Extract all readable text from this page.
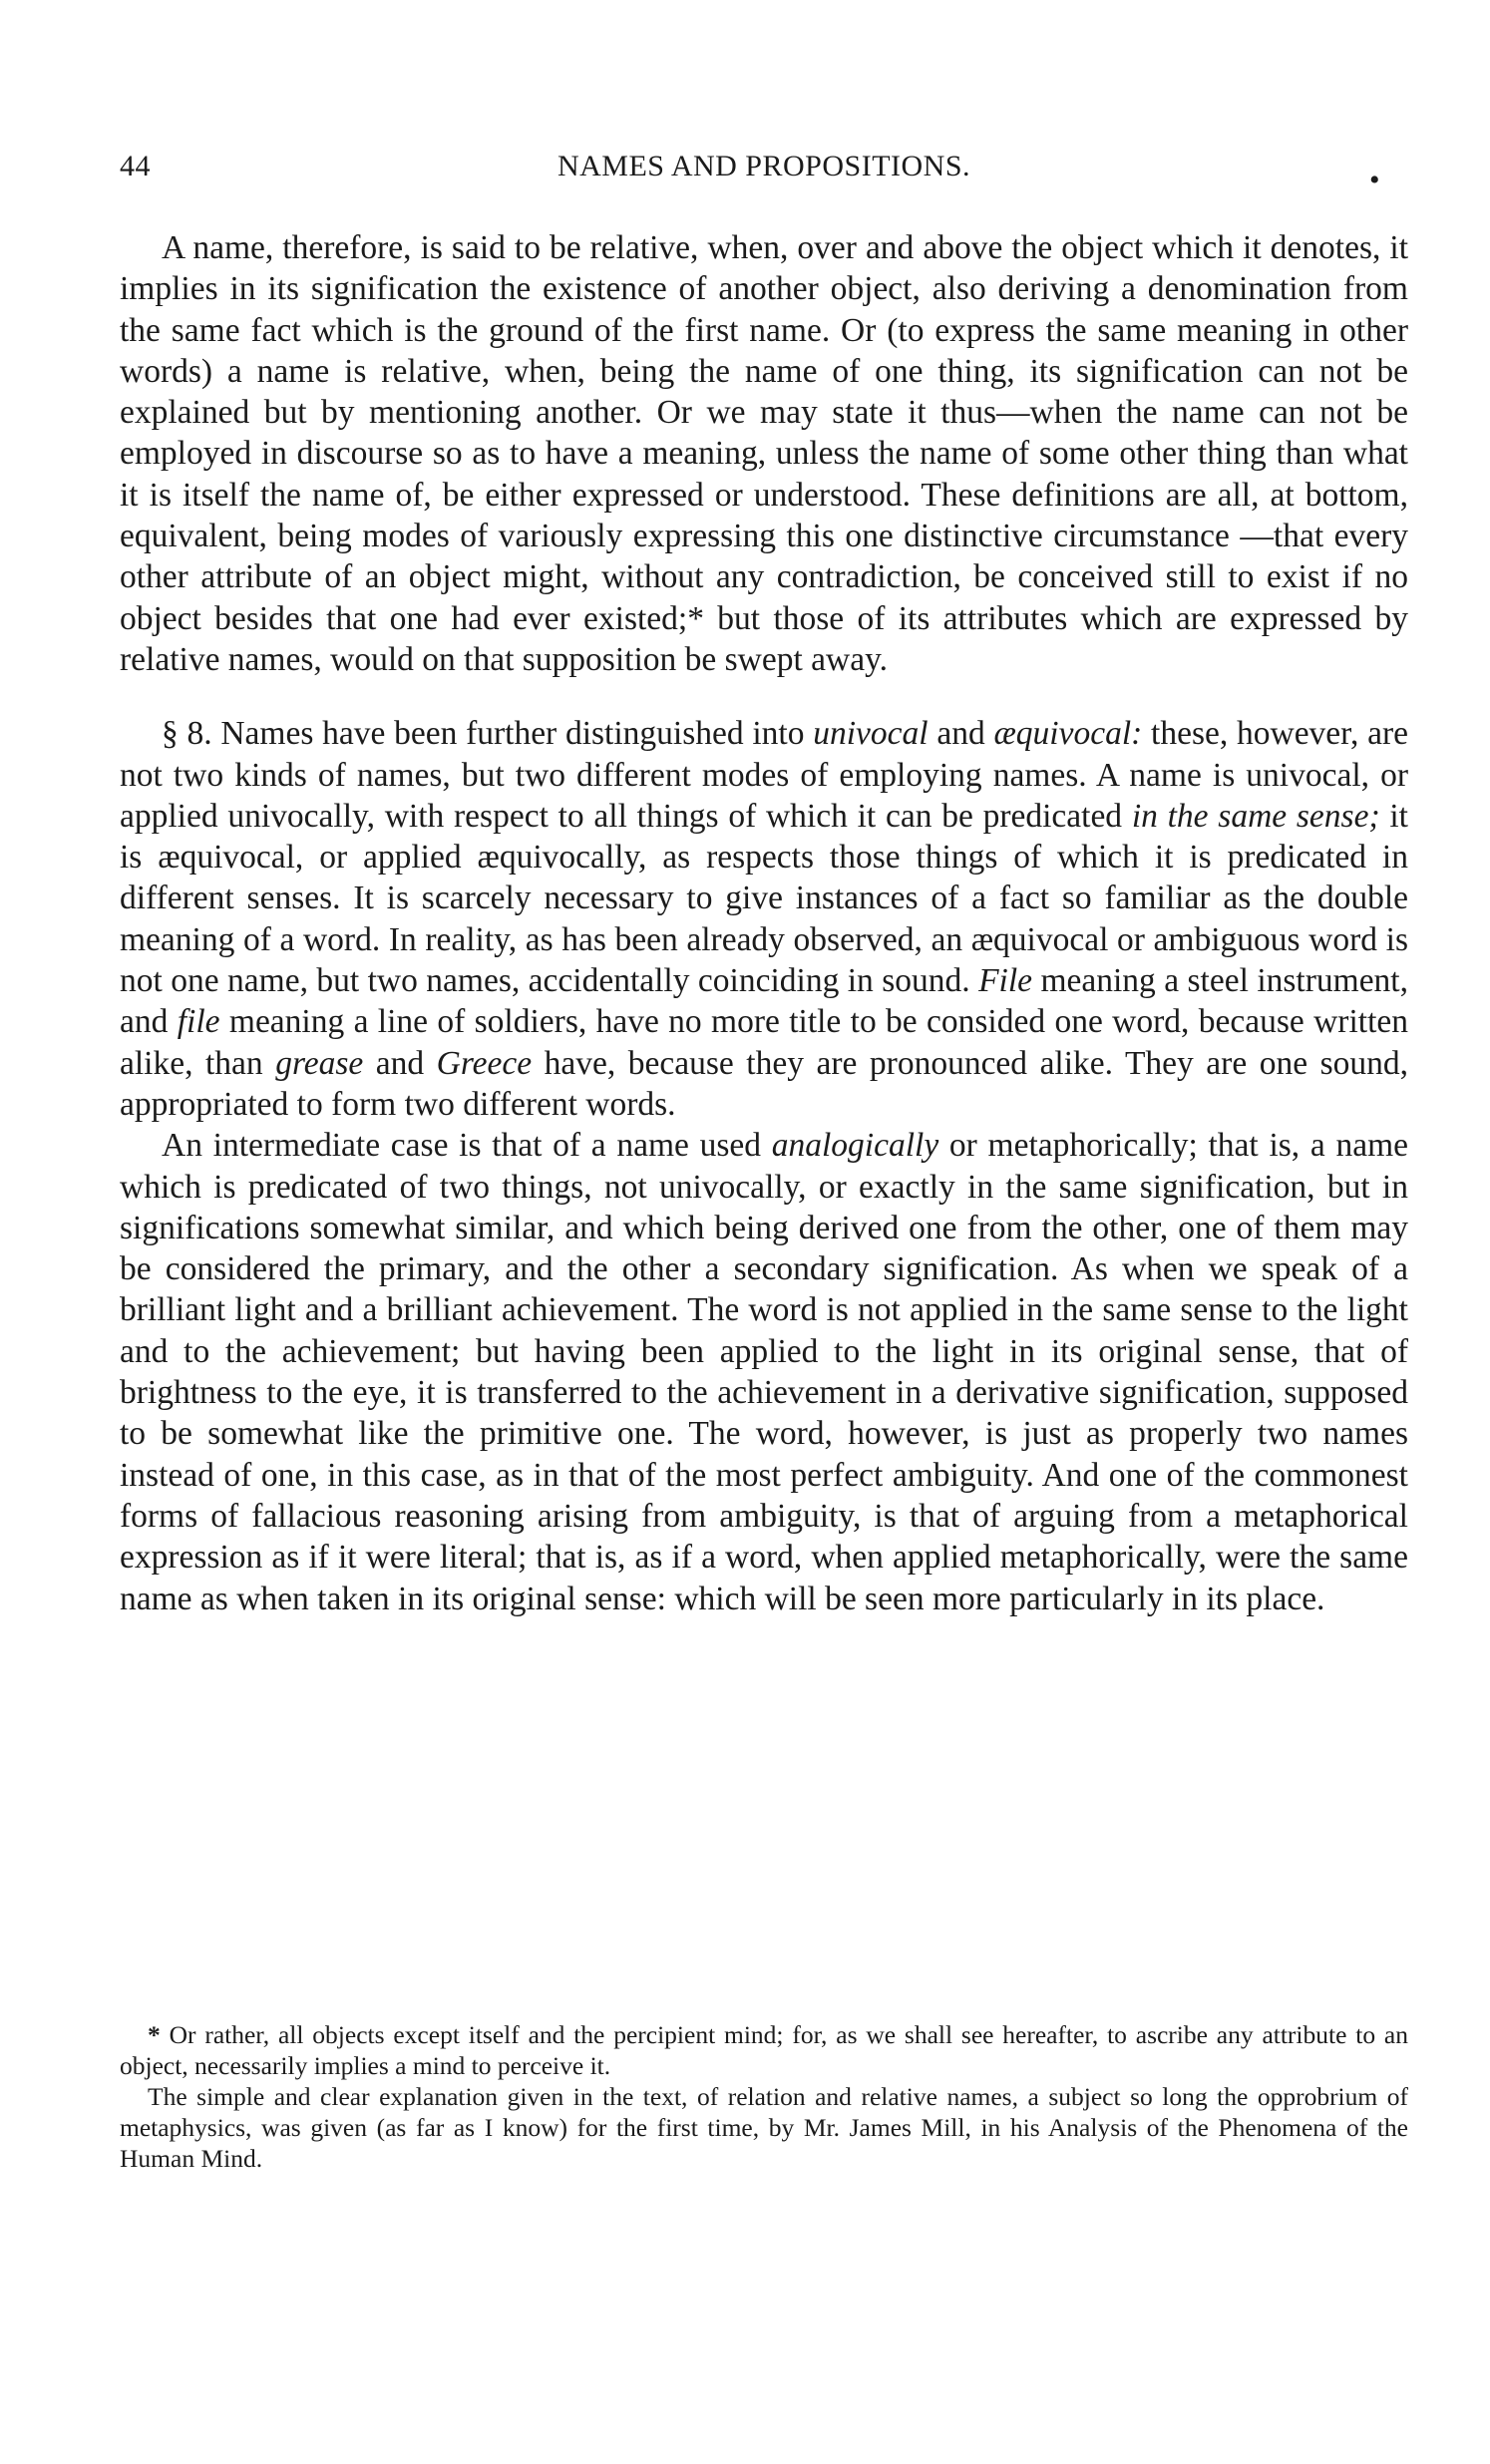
44	NAMES AND PROPOSITIONS.	•

A name, therefore, is said to be relative, when, over and above the object which it denotes, it implies in its signification the existence of another object, also deriving a denomination from the same fact which is the ground of the first name. Or (to express the same meaning in other words) a name is relative, when, being the name of one thing, its signification can not be explained but by mentioning another. Or we may state it thus—when the name can not be employed in discourse so as to have a meaning, unless the name of some other thing than what it is itself the name of, be either expressed or understood. These definitions are all, at bottom, equivalent, being modes of variously expressing this one distinctive circumstance —that every other attribute of an object might, without any contradiction, be conceived still to exist if no object besides that one had ever existed;* but those of its attributes which are expressed by relative names, would on that supposition be swept away.

§ 8. Names have been further distinguished into univocal and æquivocal: these, however, are not two kinds of names, but two different modes of employing names. A name is univocal, or applied univocally, with respect to all things of which it can be predicated in the same sense; it is æquivocal, or applied æquivocally, as respects those things of which it is predicated in different senses. It is scarcely necessary to give instances of a fact so familiar as the double meaning of a word. In reality, as has been already observed, an æquivocal or ambiguous word is not one name, but two names, accidentally coinciding in sound. File meaning a steel instrument, and file meaning a line of soldiers, have no more title to be consided one word, because written alike, than grease and Greece have, because they are pronounced alike. They are one sound, appropriated to form two different words.

An intermediate case is that of a name used analogically or metaphorically; that is, a name which is predicated of two things, not univocally, or exactly in the same signification, but in significations somewhat similar, and which being derived one from the other, one of them may be considered the primary, and the other a secondary signification. As when we speak of a brilliant light and a brilliant achievement. The word is not applied in the same sense to the light and to the achievement; but having been applied to the light in its original sense, that of brightness to the eye, it is transferred to the achievement in a derivative signification, supposed to be somewhat like the primitive one. The word, however, is just as properly two names instead of one, in this case, as in that of the most perfect ambiguity. And one of the commonest forms of fallacious reasoning arising from ambiguity, is that of arguing from a metaphorical expression as if it were literal; that is, as if a word, when applied metaphorically, were the same name as when taken in its original sense: which will be seen more particularly in its place.

* Or rather, all objects except itself and the percipient mind; for, as we shall see hereafter, to ascribe any attribute to an object, necessarily implies a mind to perceive it.

The simple and clear explanation given in the text, of relation and relative names, a subject so long the opprobrium of metaphysics, was given (as far as I know) for the first time, by Mr. James Mill, in his Analysis of the Phenomena of the Human Mind.
